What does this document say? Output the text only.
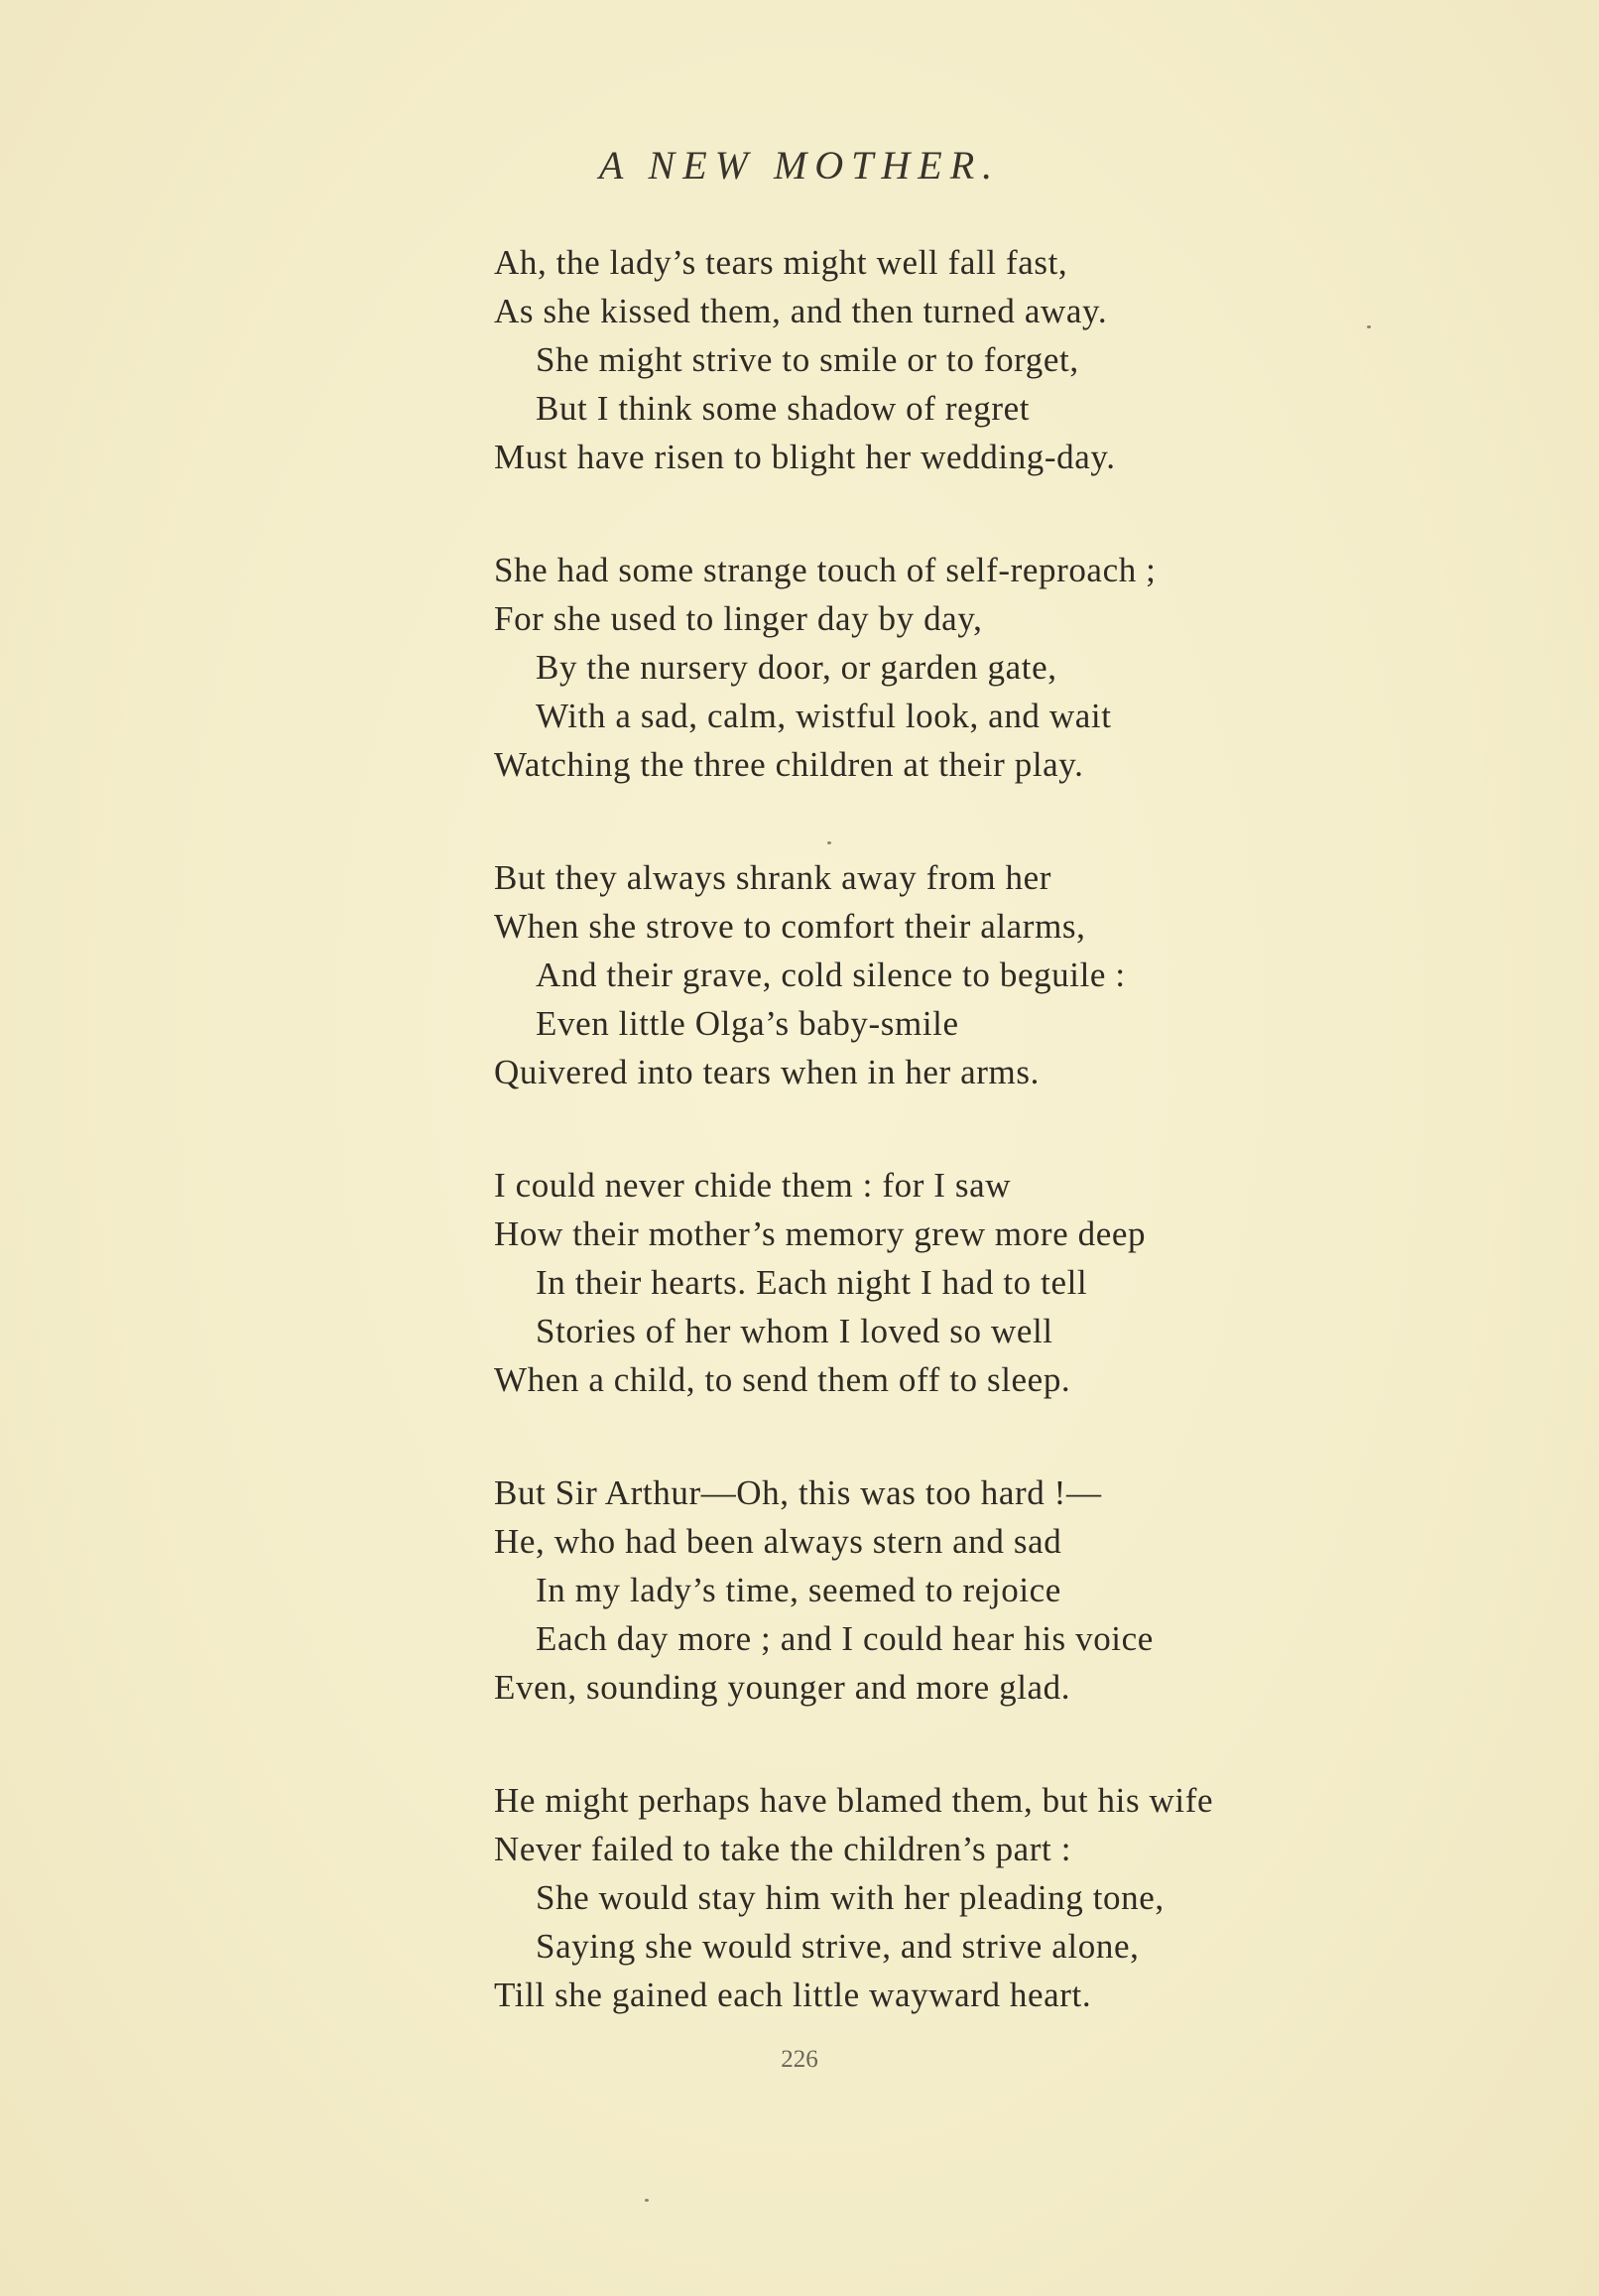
A NEW MOTHER.
Ah, the lady’s tears might well fall fast,
As she kissed them, and then turned away.
She might strive to smile or to forget,
But I think some shadow of regret
Must have risen to blight her wedding-day.
She had some strange touch of self-reproach ;
For she used to linger day by day,
By the nursery door, or garden gate,
With a sad, calm, wistful look, and wait
Watching the three children at their play.
But they always shrank away from her
When she strove to comfort their alarms,
And their grave, cold silence to beguile :
Even little Olga’s baby-smile
Quivered into tears when in her arms.
I could never chide them : for I saw
How their mother’s memory grew more deep
In their hearts. Each night I had to tell
Stories of her whom I loved so well
When a child, to send them off to sleep.
But Sir Arthur—Oh, this was too hard !—
He, who had been always stern and sad
In my lady’s time, seemed to rejoice
Each day more ; and I could hear his voice
Even, sounding younger and more glad.
He might perhaps have blamed them, but his wife
Never failed to take the children’s part :
She would stay him with her pleading tone,
Saying she would strive, and strive alone,
Till she gained each little wayward heart.
226
